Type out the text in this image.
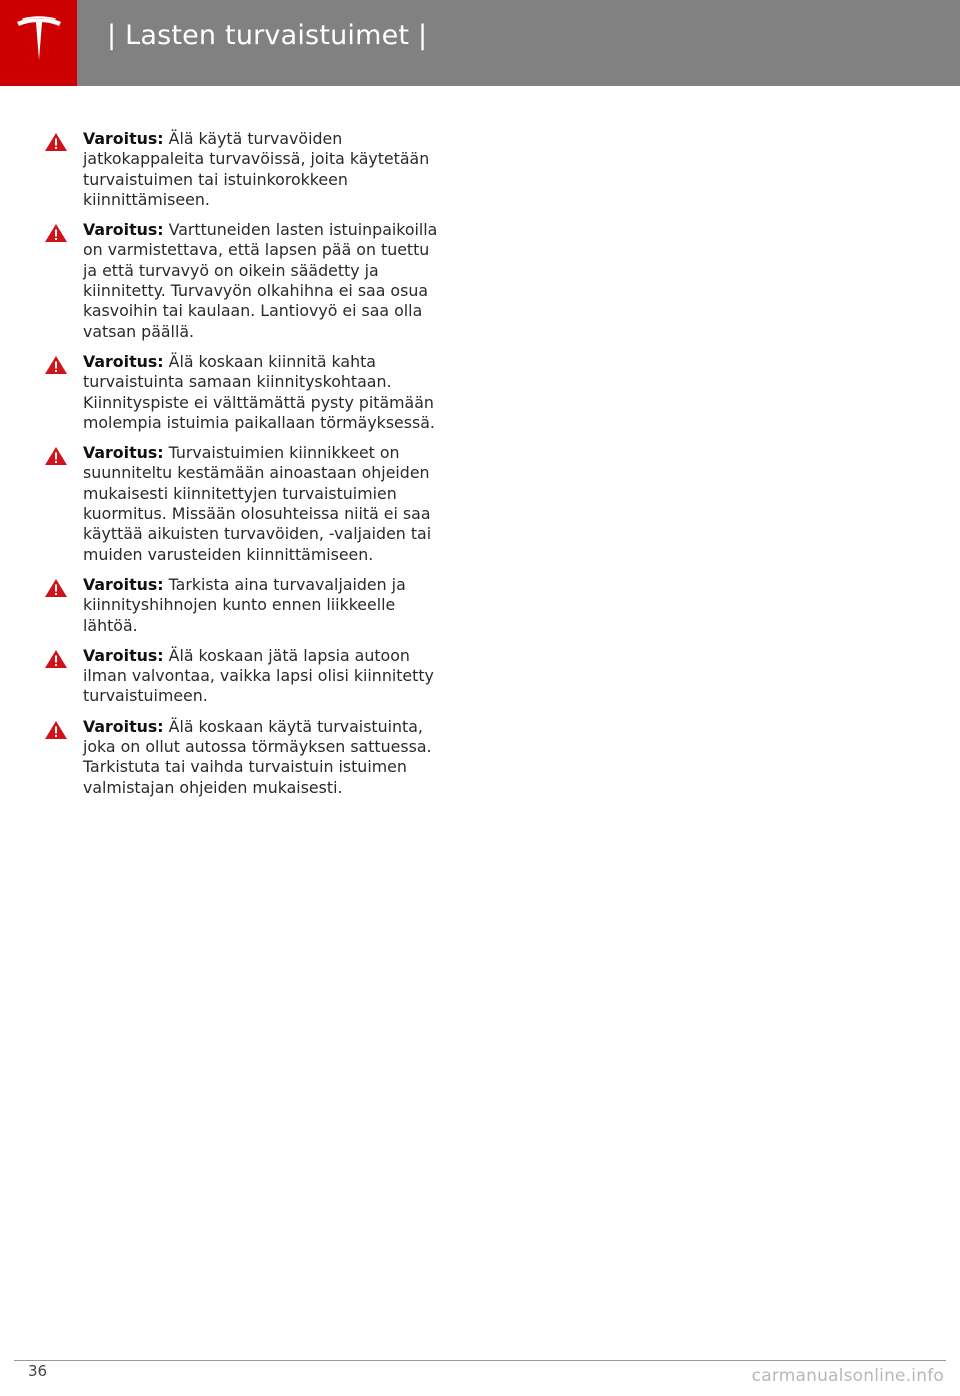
| Lasten turvaistuimet |
Varoitus: Älä käytä turvavöiden jatkokappaleita turvavöissä, joita käytetään turvaistuimen tai istuinkorokkeen kiinnittämiseen.
Varoitus: Varttuneiden lasten istuinpaikoilla on varmistettava, että lapsen pää on tuettu ja että turvavyö on oikein säädetty ja kiinnitetty. Turvavyön olkahihna ei saa osua kasvoihin tai kaulaan. Lantiovyö ei saa olla vatsan päällä.
Varoitus: Älä koskaan kiinnitä kahta turvaistuinta samaan kiinnityskohtaan. Kiinnityspiste ei välttämättä pysty pitämään molempia istuimia paikallaan törmäyksessä.
Varoitus: Turvaistuimien kiinnikkeet on suunniteltu kestämään ainoastaan ohjeiden mukaisesti kiinnitettyjen turvaistuimien kuormitus. Missään olosuhteissa niitä ei saa käyttää aikuisten turvavöiden, -valjaiden tai muiden varusteiden kiinnittämiseen.
Varoitus: Tarkista aina turvavaljaiden ja kiinnityshihnojen kunto ennen liikkeelle lähtöä.
Varoitus: Älä koskaan jätä lapsia autoon ilman valvontaa, vaikka lapsi olisi kiinnitetty turvaistuimeen.
Varoitus: Älä koskaan käytä turvaistuinta, joka on ollut autossa törmäyksen sattuessa. Tarkistuta tai vaihda turvaistuin istuimen valmistajan ohjeiden mukaisesti.
36	carmanualsonline.info
